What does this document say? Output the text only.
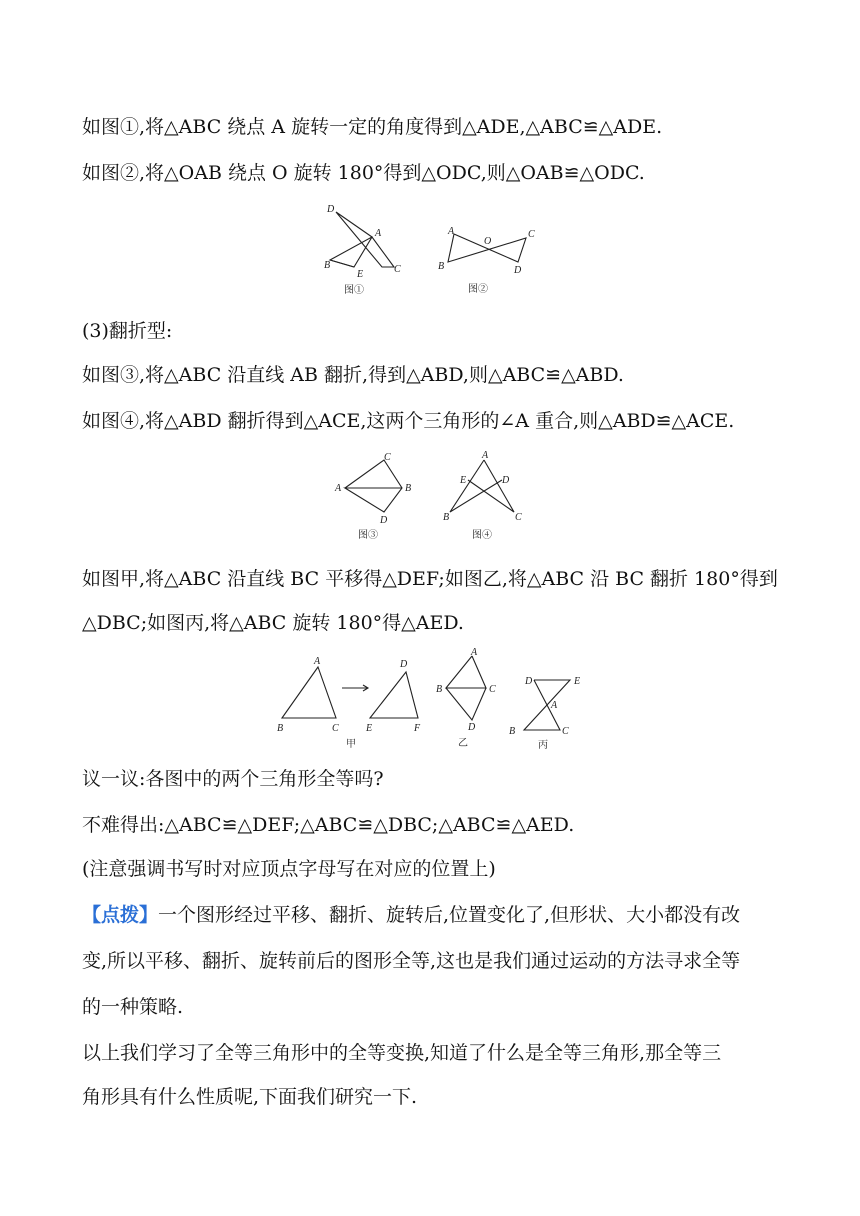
如图①,将△ABC 绕点 A 旋转一定的角度得到△ADE,△ABC≌△ADE.
如图②,将△OAB 绕点 O 旋转 180°得到△ODC,则△OAB≌△ODC.
D
A
B
E	C
图①
A
O
C
B	D
图②
(3)翻折型:
如图③,将△ABC 沿直线 AB 翻折,得到△ABD,则△ABC≌△ABD.
如图④,将△ABD 翻折得到△ACE,这两个三角形的∠A 重合,则△ABD≌△ACE.
C
A	B
D
图③
A
E	D
B	C
图④
如图甲,将△ABC 沿直线 BC 平移得△DEF;如图乙,将△ABC 沿 BC 翻折 180°得到
△DBC;如图丙,将△ABC 旋转 180°得△AED.
A
B	C
D
E	F
甲
A
B	C
D
乙
D	E
A
B	C
丙
议一议:各图中的两个三角形全等吗?
不难得出:△ABC≌△DEF;△ABC≌△DBC;△ABC≌△AED.
(注意强调书写时对应顶点字母写在对应的位置上)
【点拨】一个图形经过平移、翻折、旋转后,位置变化了,但形状、大小都没有改
变,所以平移、翻折、旋转前后的图形全等,这也是我们通过运动的方法寻求全等
的一种策略.
以上我们学习了全等三角形中的全等变换,知道了什么是全等三角形,那全等三
角形具有什么性质呢,下面我们研究一下.
